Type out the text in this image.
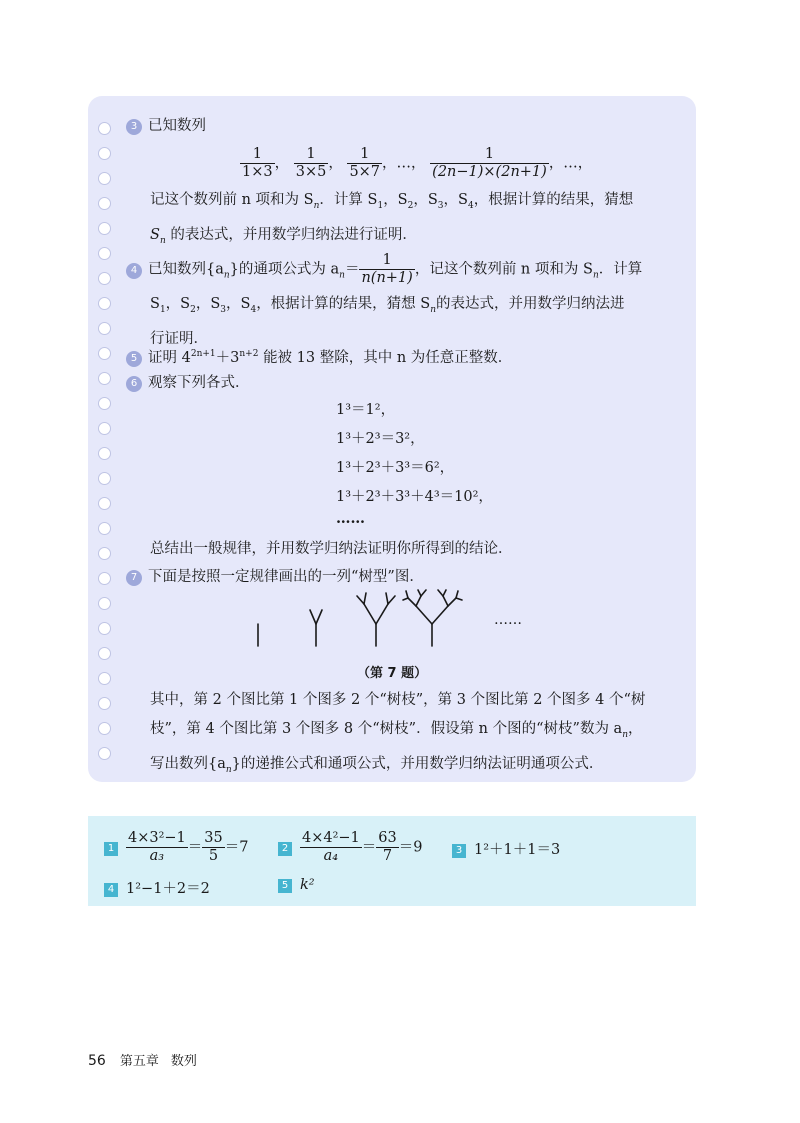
3 已知数列
$\frac{1}{1\times 3}$ ， $\frac{1}{3\times 5}$ ， $\frac{1}{5\times 7}$ ，…， $\frac{1}{(2n-1)\times(2n+1)}$ ，…，
记这个数列前 n 项和为 $S_n$．计算 $S_1$，$S_2$，$S_3$，$S_4$，根据计算的结果，猜想
$S_n$ 的表达式，并用数学归纳法进行证明．
4 已知数列$\{a_n\}$的通项公式为 $a_n= \frac{1}{n(n+1)}$ ，记这个数列前 n 项和为 $S_n$．计算
$S_1$，$S_2$，$S_3$，$S_4$，根据计算的结果，猜想 $S_n$的表达式，并用数学归纳法进
行证明．
5 证明 $4^{2n+1}+3^{n+2}$ 能被 13 整除，其中 n 为任意正整数．
6 观察下列各式．
1³＝1²，
1³＋2³＝3²，
1³＋2³＋3³＝6²，
1³＋2³＋3³＋4³＝10²，
……
总结出一般规律，并用数学归纳法证明你所得到的结论．
7 下面是按照一定规律画出的一列“树型”图．
……
（第 7 题）
其中，第 2 个图比第 1 个图多 2 个“树枝”，第 3 个图比第 2 个图多 4 个“树
枝”，第 4 个图比第 3 个图多 8 个“树枝”．假设第 n 个图的“树枝”数为 $a_n$，
写出数列$\{a_n\}$的递推公式和通项公式，并用数学归纳法证明通项公式．
$1 \frac{\text{4×3²−1}}{\text{a₃}} = \frac{35}{5} =7$	$2 \frac{\text{4×4²−1}}{\text{a₄}} = \frac{63}{7} =9$	3 1²＋1＋1＝3
4 1²−1＋2＝2	5 k²
56 第五章 数列
